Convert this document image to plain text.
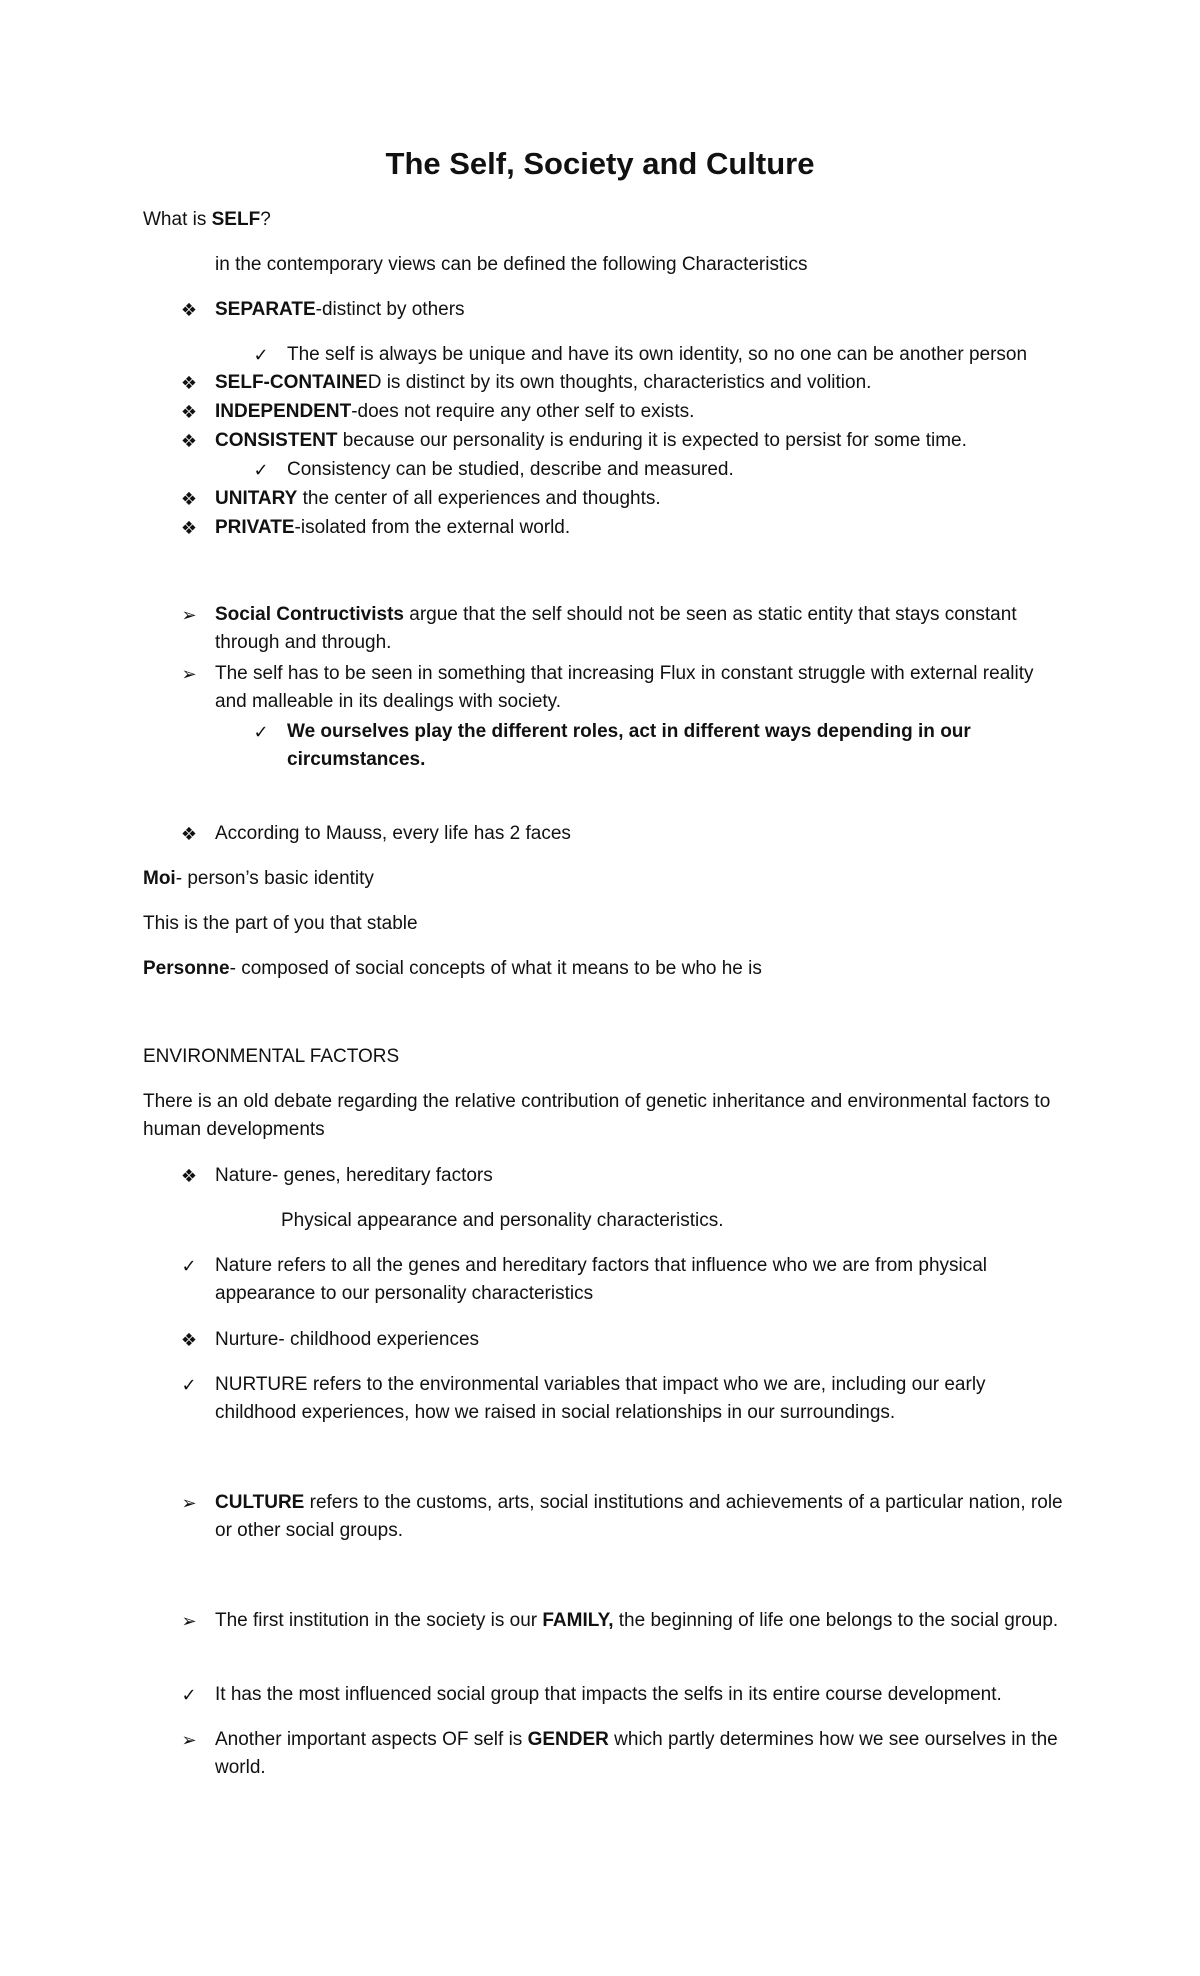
The Self, Society and Culture
What is SELF?
in the contemporary views can be defined the following Characteristics
❖ SEPARATE-distinct by others
✓ The self is always be unique and have its own identity, so no one can be another person
❖ SELF-CONTAINED is distinct by its own thoughts, characteristics and volition.
❖ INDEPENDENT-does not require any other self to exists.
❖ CONSISTENT because our personality is enduring it is expected to persist for some time.
✓ Consistency can be studied, describe and measured.
❖ UNITARY the center of all experiences and thoughts.
❖ PRIVATE-isolated from the external world.
➢ Social Contructivists argue that the self should not be seen as static entity that stays constant through and through.
➢ The self has to be seen in something that increasing Flux in constant struggle with external reality and malleable in its dealings with society.
✓ We ourselves play the different roles, act in different ways depending in our circumstances.
❖ According to Mauss, every life has 2 faces
Moi- person’s basic identity
This is the part of you that stable
Personne- composed of social concepts of what it means to be who he is
ENVIRONMENTAL FACTORS
There is an old debate regarding the relative contribution of genetic inheritance and environmental factors to human developments
❖ Nature- genes, hereditary factors
Physical appearance and personality characteristics.
✓ Nature refers to all the genes and hereditary factors that influence who we are from physical appearance to our personality characteristics
❖ Nurture- childhood experiences
✓ NURTURE refers to the environmental variables that impact who we are, including our early childhood experiences, how we raised in social relationships in our surroundings.
➢ CULTURE refers to the customs, arts, social institutions and achievements of a particular nation, role or other social groups.
➢ The first institution in the society is our FAMILY, the beginning of life one belongs to the social group.
✓ It has the most influenced social group that impacts the selfs in its entire course development.
➢ Another important aspects OF self is GENDER which partly determines how we see ourselves in the world.
